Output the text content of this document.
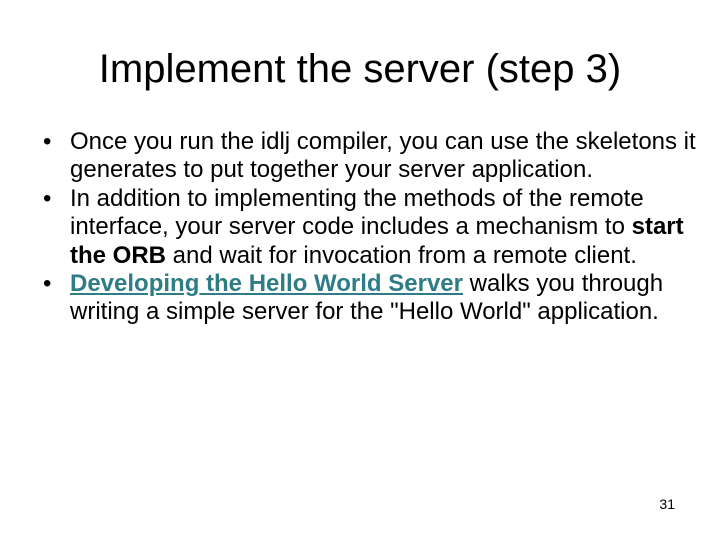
Implement the server (step 3)
• Once you run the idlj compiler, you can use the skeletons it generates to put together your server application.
• In addition to implementing the methods of the remote interface, your server code includes a mechanism to start the ORB and wait for invocation from a remote client.
• Developing the Hello World Server walks you through writing a simple server for the "Hello World" application.
31
